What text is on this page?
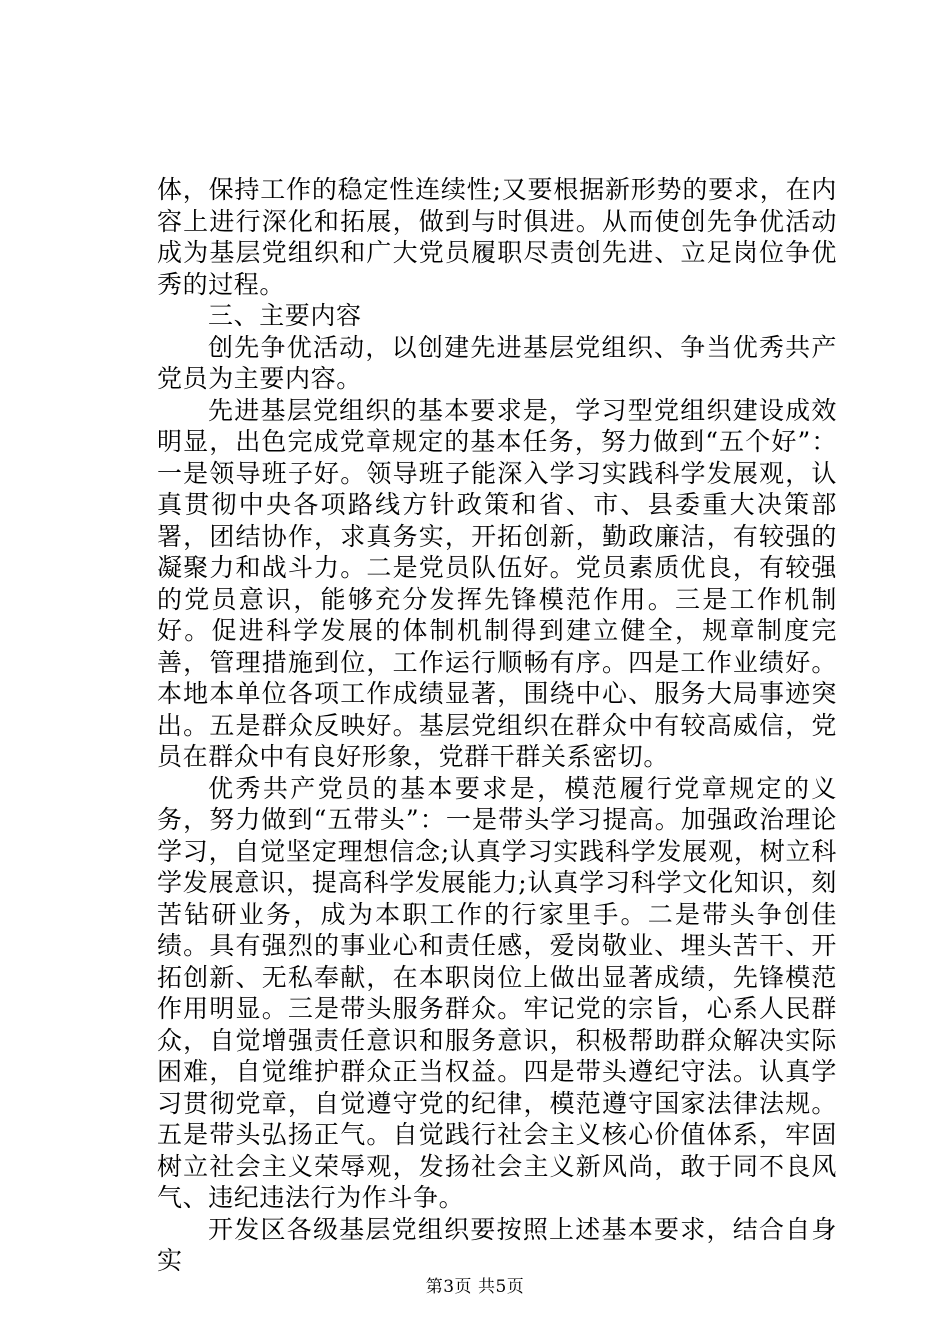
体，保持工作的稳定性连续性;又要根据新形势的要求，在内容上进行深化和拓展，做到与时俱进。从而使创先争优活动成为基层党组织和广大党员履职尽责创先进、立足岗位争优秀的过程。

三、主要内容

创先争优活动，以创建先进基层党组织、争当优秀共产党员为主要内容。

先进基层党组织的基本要求是，学习型党组织建设成效明显，出色完成党章规定的基本任务，努力做到“五个好”：一是领导班子好。领导班子能深入学习实践科学发展观，认真贯彻中央各项路线方针政策和省、市、县委重大决策部署，团结协作，求真务实，开拓创新，勤政廉洁，有较强的凝聚力和战斗力。二是党员队伍好。党员素质优良，有较强的党员意识，能够充分发挥先锋模范作用。三是工作机制好。促进科学发展的体制机制得到建立健全，规章制度完善，管理措施到位，工作运行顺畅有序。四是工作业绩好。本地本单位各项工作成绩显著，围绕中心、服务大局事迹突出。五是群众反映好。基层党组织在群众中有较高威信，党员在群众中有良好形象，党群干群关系密切。

优秀共产党员的基本要求是，模范履行党章规定的义务，努力做到“五带头”：一是带头学习提高。加强政治理论学习，自觉坚定理想信念;认真学习实践科学发展观，树立科学发展意识，提高科学发展能力;认真学习科学文化知识，刻苦钻研业务，成为本职工作的行家里手。二是带头争创佳绩。具有强烈的事业心和责任感，爱岗敬业、埋头苦干、开拓创新、无私奉献，在本职岗位上做出显著成绩，先锋模范作用明显。三是带头服务群众。牢记党的宗旨，心系人民群众，自觉增强责任意识和服务意识，积极帮助群众解决实际困难，自觉维护群众正当权益。四是带头遵纪守法。认真学习贯彻党章，自觉遵守党的纪律，模范遵守国家法律法规。五是带头弘扬正气。自觉践行社会主义核心价值体系，牢固树立社会主义荣辱观，发扬社会主义新风尚，敢于同不良风气、违纪违法行为作斗争。

开发区各级基层党组织要按照上述基本要求，结合自身实

第3页 共5页
